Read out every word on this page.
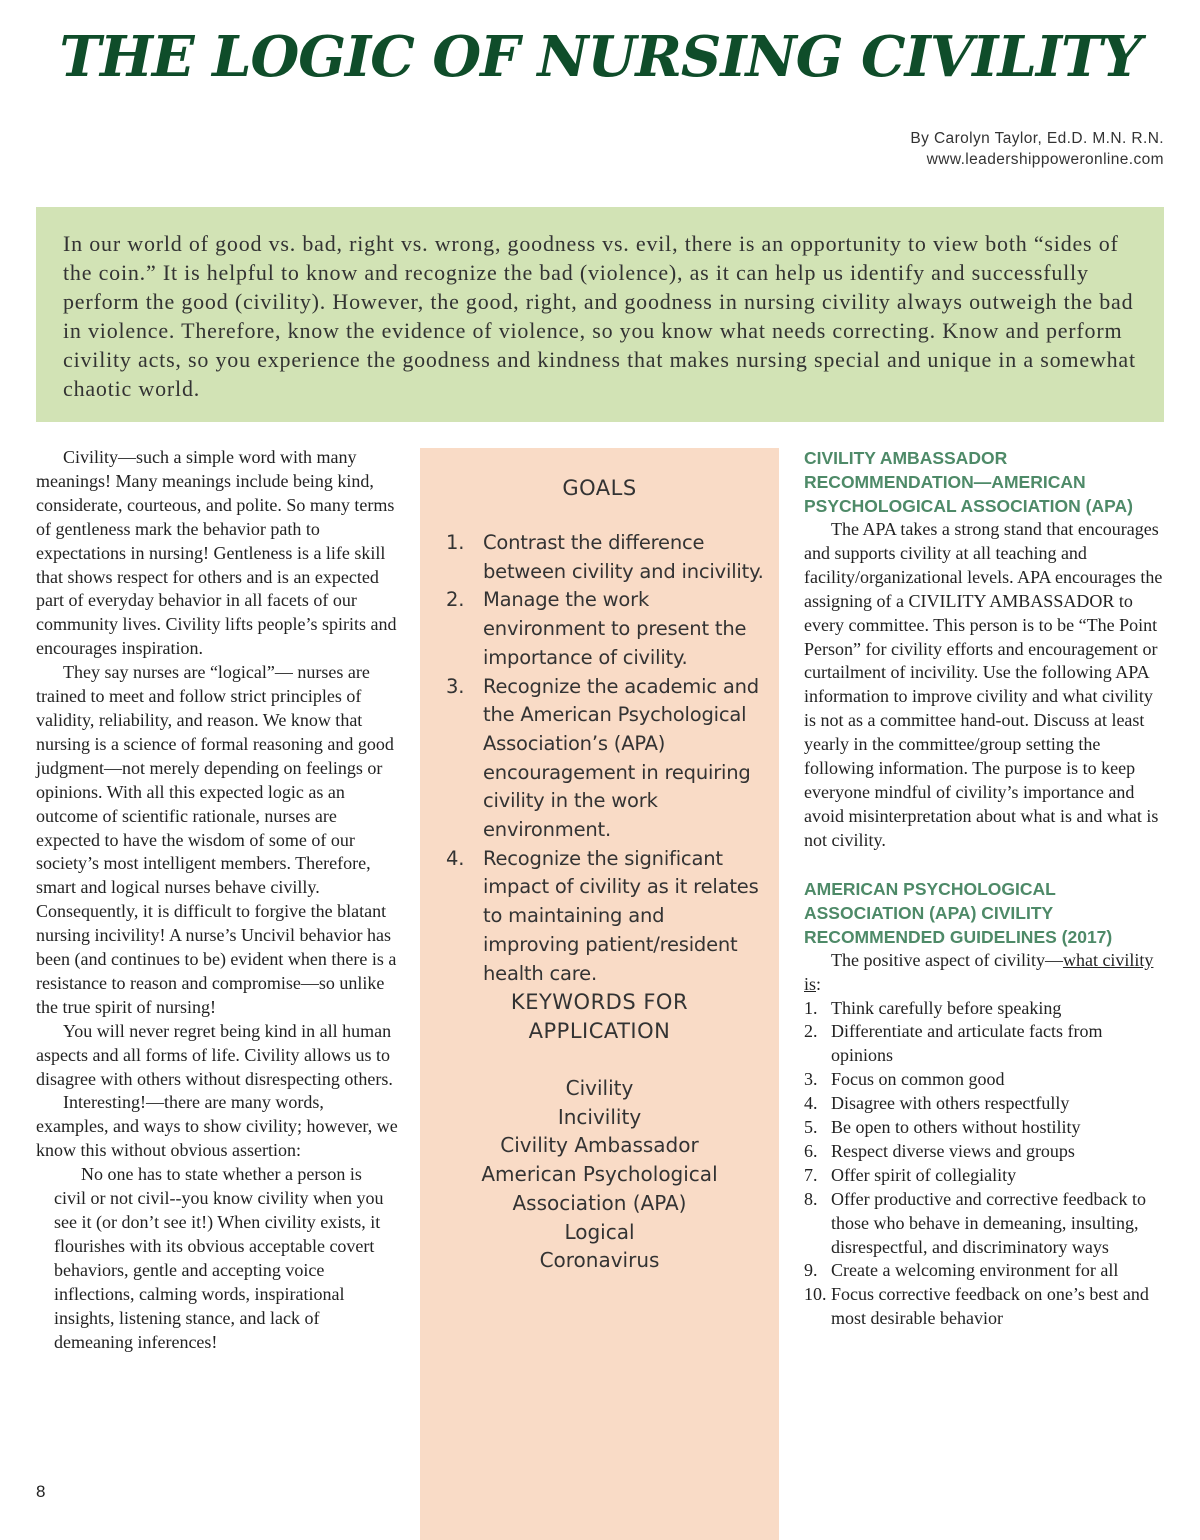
THE LOGIC OF NURSING CIVILITY
By Carolyn Taylor, Ed.D. M.N. R.N.
www.leadershippoweronline.com
In our world of good vs. bad, right vs. wrong, goodness vs. evil, there is an opportunity to view both “sides of the coin.” It is helpful to know and recognize the bad (violence), as it can help us identify and successfully perform the good (civility). However, the good, right, and goodness in nursing civility always outweigh the bad in violence. Therefore, know the evidence of violence, so you know what needs correcting. Know and perform civility acts, so you experience the goodness and kindness that makes nursing special and unique in a somewhat chaotic world.

Civility—such a simple word with many meanings! Many meanings include being kind, considerate, courteous, and polite. So many terms of gentleness mark the behavior path to expectations in nursing! Gentleness is a life skill that shows respect for others and is an expected part of everyday behavior in all facets of our community lives. Civility lifts people’s spirits and encourages inspiration.

They say nurses are “logical”— nurses are trained to meet and follow strict principles of validity, reliability, and reason. We know that nursing is a science of formal reasoning and good judgment—not merely depending on feelings or opinions. With all this expected logic as an outcome of scientific rationale, nurses are expected to have the wisdom of some of our society’s most intelligent members. Therefore, smart and logical nurses behave civilly. Consequently, it is difficult to forgive the blatant nursing incivility! A nurse’s Uncivil behavior has been (and continues to be) evident when there is a resistance to reason and compromise—so unlike the true spirit of nursing!

You will never regret being kind in all human aspects and all forms of life. Civility allows us to disagree with others without disrespecting others.

Interesting!—there are many words, examples, and ways to show civility; however, we know this without obvious assertion:

No one has to state whether a person is civil or not civil--you know civility when you see it (or don’t see it!) When civility exists, it flourishes with its obvious acceptable covert behaviors, gentle and accepting voice inflections, calming words, inspirational insights, listening stance, and lack of demeaning inferences!

8
GOALS
1. Contrast the difference between civility and incivility.
2. Manage the work environment to present the importance of civility.
3. Recognize the academic and the American Psychological Association’s (APA) encouragement in requiring civility in the work environment.
4. Recognize the significant impact of civility as it relates to maintaining and improving patient/resident health care.
KEYWORDS FOR
APPLICATION
Civility
Incivility
Civility Ambassador
American Psychological
Association (APA)
Logical
Coronavirus
CIVILITY AMBASSADOR RECOMMENDATION—AMERICAN PSYCHOLOGICAL ASSOCIATION (APA)

The APA takes a strong stand that encourages and supports civility at all teaching and facility/organizational levels. APA encourages the assigning of a CIVILITY AMBASSADOR to every committee. This person is to be “The Point Person” for civility efforts and encouragement or curtailment of incivility. Use the following APA information to improve civility and what civility is not as a committee hand-out. Discuss at least yearly in the committee/group setting the following information. The purpose is to keep everyone mindful of civility’s importance and avoid misinterpretation about what is and what is not civility.

AMERICAN PSYCHOLOGICAL ASSOCIATION (APA) CIVILITY RECOMMENDED GUIDELINES (2017)

The positive aspect of civility—what civility is:

1. Think carefully before speaking
2. Differentiate and articulate facts from opinions
3. Focus on common good
4. Disagree with others respectfully
5. Be open to others without hostility
6. Respect diverse views and groups
7. Offer spirit of collegiality
8. Offer productive and corrective feedback to those who behave in demeaning, insulting, disrespectful, and discriminatory ways
9. Create a welcoming environment for all
10. Focus corrective feedback on one’s best and most desirable behavior
